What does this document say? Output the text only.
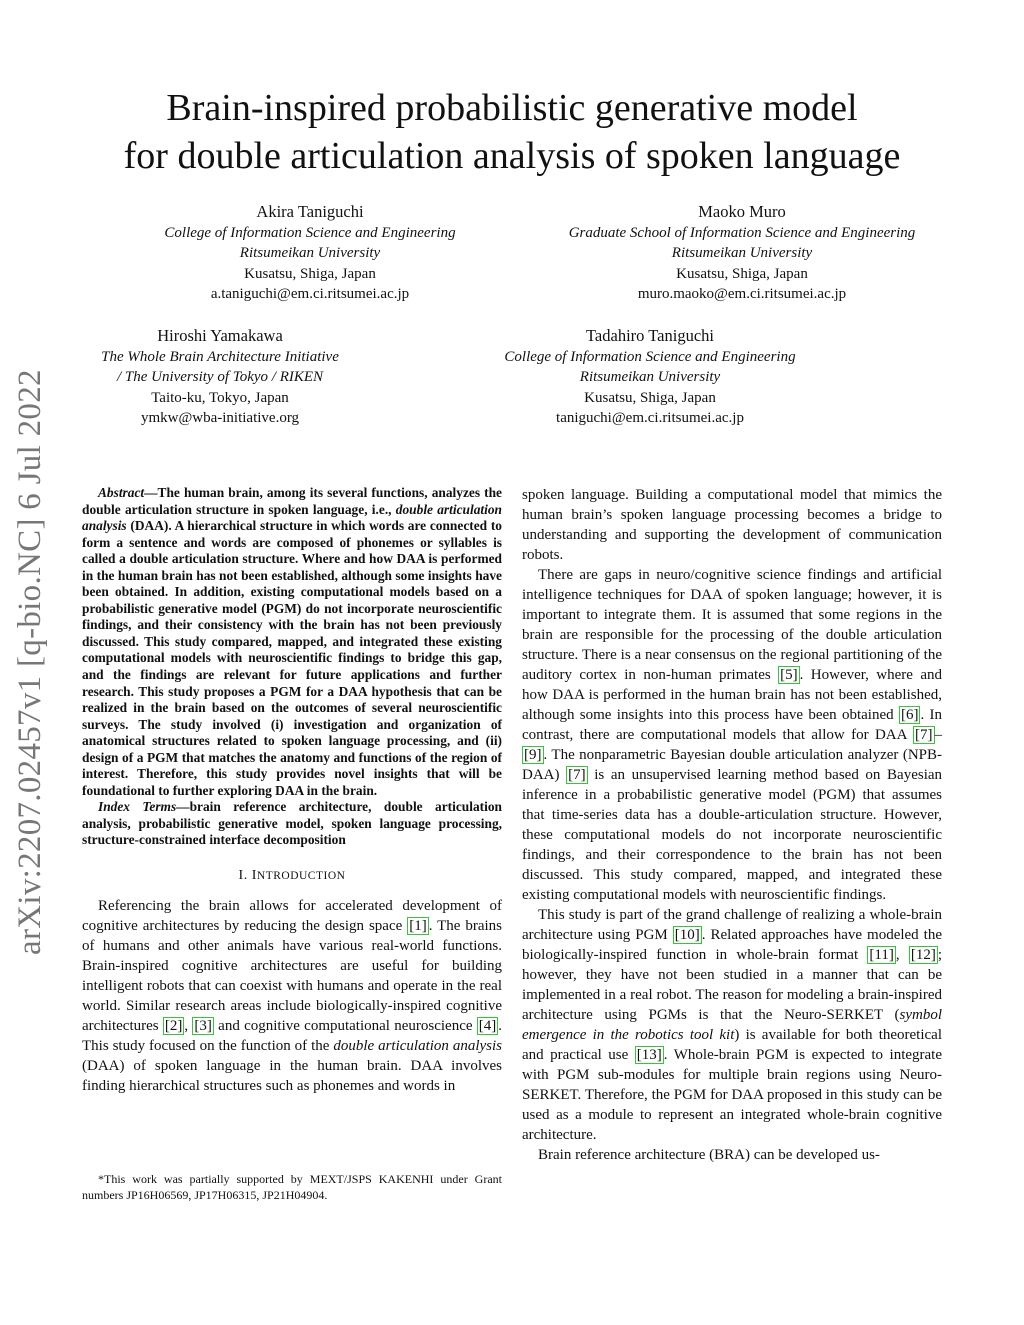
arXiv:2207.02457v1 [q-bio.NC] 6 Jul 2022
Brain-inspired probabilistic generative model
for double articulation analysis of spoken language
Akira Taniguchi
College of Information Science and Engineering
Ritsumeikan University
Kusatsu, Shiga, Japan
a.taniguchi@em.ci.ritsumei.ac.jp
Maoko Muro
Graduate School of Information Science and Engineering
Ritsumeikan University
Kusatsu, Shiga, Japan
muro.maoko@em.ci.ritsumei.ac.jp
Hiroshi Yamakawa
The Whole Brain Architecture Initiative
/ The University of Tokyo / RIKEN
Taito-ku, Tokyo, Japan
ymkw@wba-initiative.org
Tadahiro Taniguchi
College of Information Science and Engineering
Ritsumeikan University
Kusatsu, Shiga, Japan
taniguchi@em.ci.ritsumei.ac.jp

Abstract—The human brain, among its several functions, analyzes the double articulation structure in spoken language, i.e., double articulation analysis (DAA). A hierarchical structure in which words are connected to form a sentence and words are composed of phonemes or syllables is called a double articulation structure. Where and how DAA is performed in the human brain has not been established, although some insights have been obtained. In addition, existing computational models based on a probabilistic generative model (PGM) do not incorporate neuroscientific findings, and their consistency with the brain has not been previously discussed. This study compared, mapped, and integrated these existing computational models with neuroscientific findings to bridge this gap, and the findings are relevant for future applications and further research. This study proposes a PGM for a DAA hypothesis that can be realized in the brain based on the outcomes of several neuroscientific surveys. The study involved (i) investigation and organization of anatomical structures related to spoken language processing, and (ii) design of a PGM that matches the anatomy and functions of the region of interest. Therefore, this study provides novel insights that will be foundational to further exploring DAA in the brain.

Index Terms—brain reference architecture, double articulation analysis, probabilistic generative model, spoken language processing, structure-constrained interface decomposition

I. INTRODUCTION

Referencing the brain allows for accelerated development of cognitive architectures by reducing the design space [1] . The brains of humans and other animals have various real-world functions. Brain-inspired cognitive architectures are useful for building intelligent robots that can coexist with humans and operate in the real world. Similar research areas include biologically-inspired cognitive architectures [2] , [3] and cognitive computational neuroscience [4] . This study focused on the function of the double articulation analysis (DAA) of spoken language in the human brain. DAA involves finding hierarchical structures such as phonemes and words in

*This work was partially supported by MEXT/JSPS KAKENHI under Grant numbers JP16H06569, JP17H06315, JP21H04904.

spoken language. Building a computational model that mimics the human brain’s spoken language processing becomes a bridge to understanding and supporting the development of communication robots.

There are gaps in neuro/cognitive science findings and artificial intelligence techniques for DAA of spoken language; however, it is important to integrate them. It is assumed that some regions in the brain are responsible for the processing of the double articulation structure. There is a near consensus on the regional partitioning of the auditory cortex in non-human primates [5] . However, where and how DAA is performed in the human brain has not been established, although some insights into this process have been obtained [6] . In contrast, there are computational models that allow for DAA [7] –[9] . The nonparametric Bayesian double articulation analyzer (NPB-DAA) [7] is an unsupervised learning method based on Bayesian inference in a probabilistic generative model (PGM) that assumes that time-series data has a double-articulation structure. However, these computational models do not incorporate neuroscientific findings, and their correspondence to the brain has not been discussed. This study compared, mapped, and integrated these existing computational models with neuroscientific findings.

This study is part of the grand challenge of realizing a whole-brain architecture using PGM [10] . Related approaches have modeled the biologically-inspired function in whole-brain format [11] , [12] ; however, they have not been studied in a manner that can be implemented in a real robot. The reason for modeling a brain-inspired architecture using PGMs is that the Neuro-SERKET (symbol emergence in the robotics tool kit) is available for both theoretical and practical use [13] . Whole-brain PGM is expected to integrate with PGM sub-modules for multiple brain regions using Neuro-SERKET. Therefore, the PGM for DAA proposed in this study can be used as a module to represent an integrated whole-brain cognitive architecture.

Brain reference architecture (BRA) can be developed us-
